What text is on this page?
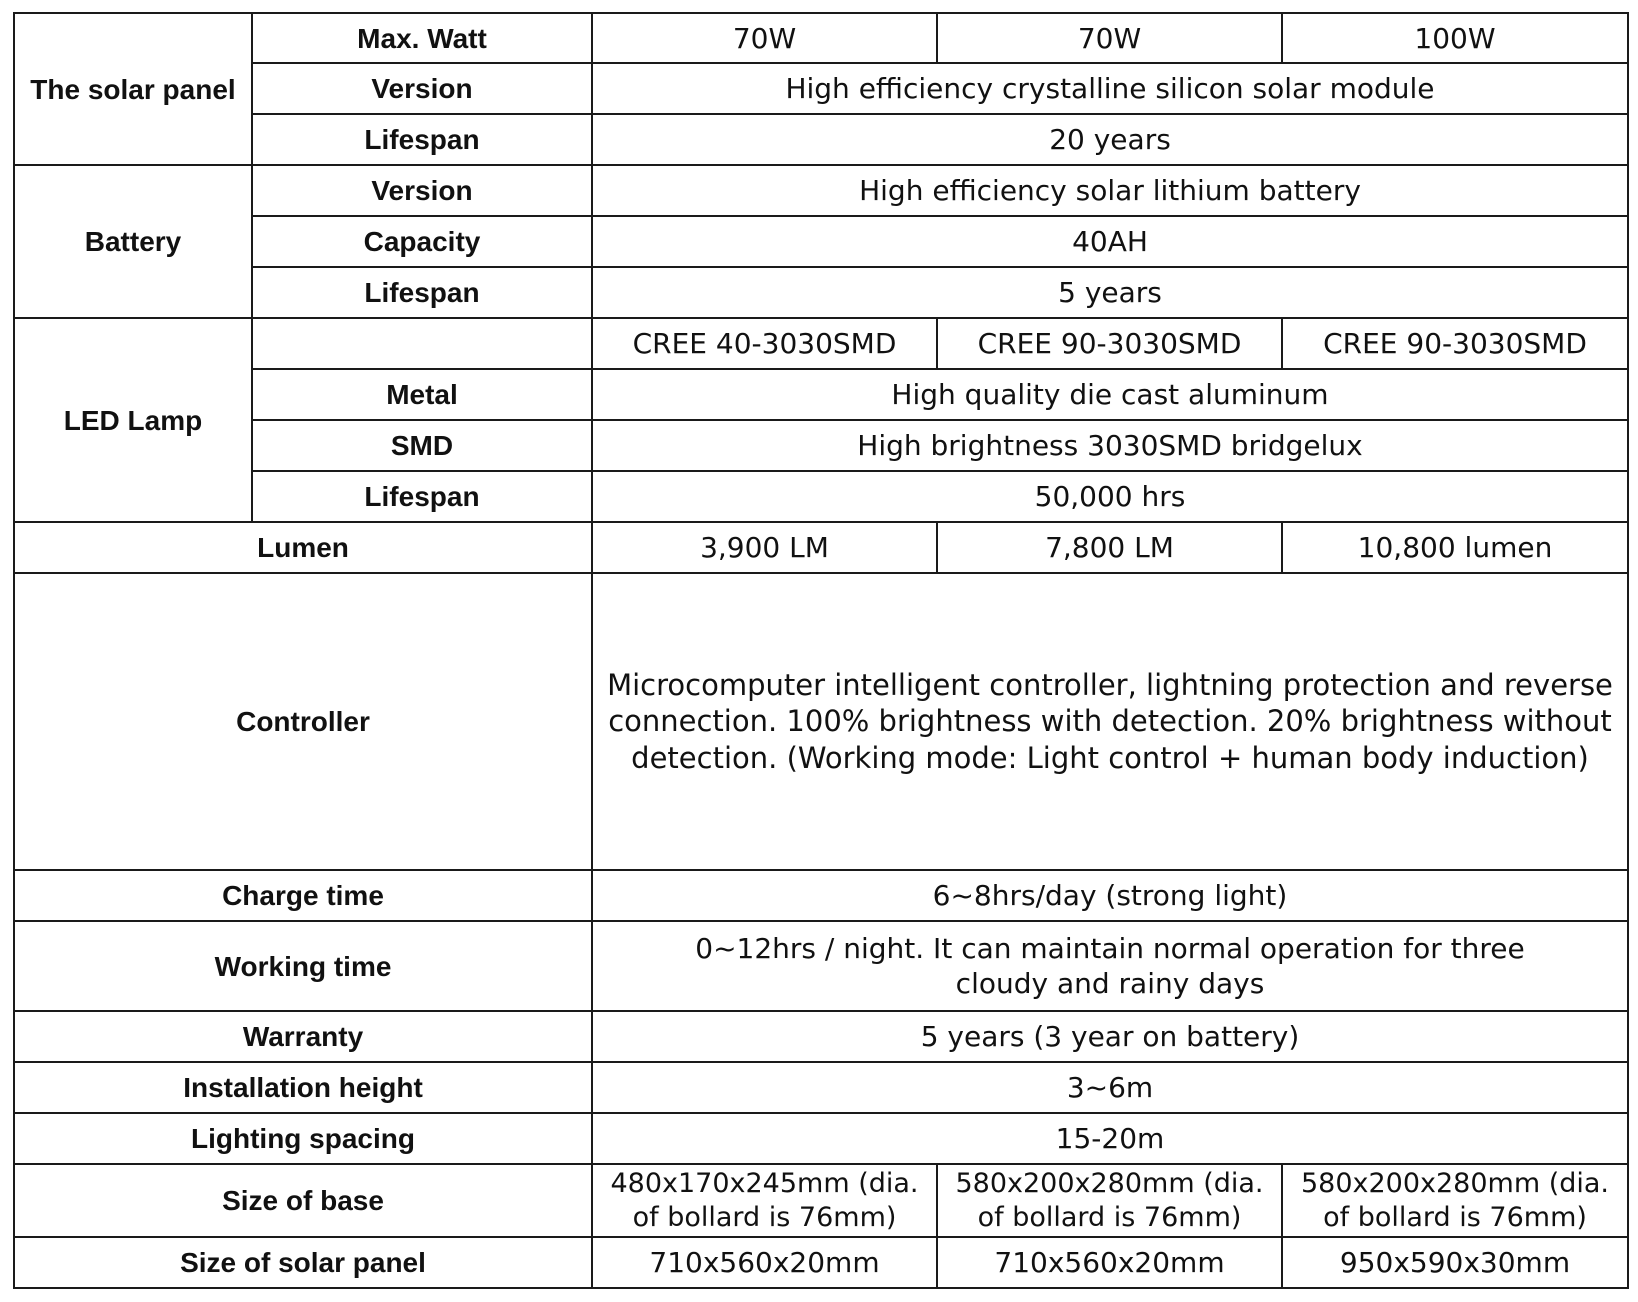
The solar panel	Max. Watt	70W	70W	100W
	Version	High efficiency crystalline silicon solar module		
	Lifespan	20 years		
Battery	Version	High efficiency solar lithium battery		
	Capacity	40AH		
	Lifespan	5 years		
LED Lamp		CREE 40-3030SMD	CREE 90-3030SMD	CREE 90-3030SMD
	Metal	High quality die cast aluminum		
	SMD	High brightness 3030SMD bridgelux		
	Lifespan	50,000 hrs		
Lumen		3,900 LM	7,800 LM	10,800 lumen
Controller		Microcomputer intelligent controller, lightning protection and reverse connection. 100% brightness with detection. 20% brightness without detection. (Working mode: Light control + human body induction)		
Charge time		6~8hrs/day (strong light)		
Working time		0~12hrs / night. It can maintain normal operation for three cloudy and rainy days		
Warranty		5 years (3 year on battery)		
Installation height		3~6m		
Lighting spacing		15-20m		
Size of base		480x170x245mm (dia. of bollard is 76mm)	580x200x280mm (dia. of bollard is 76mm)	580x200x280mm (dia. of bollard is 76mm)
Size of solar panel		710x560x20mm	710x560x20mm	950x590x30mm
